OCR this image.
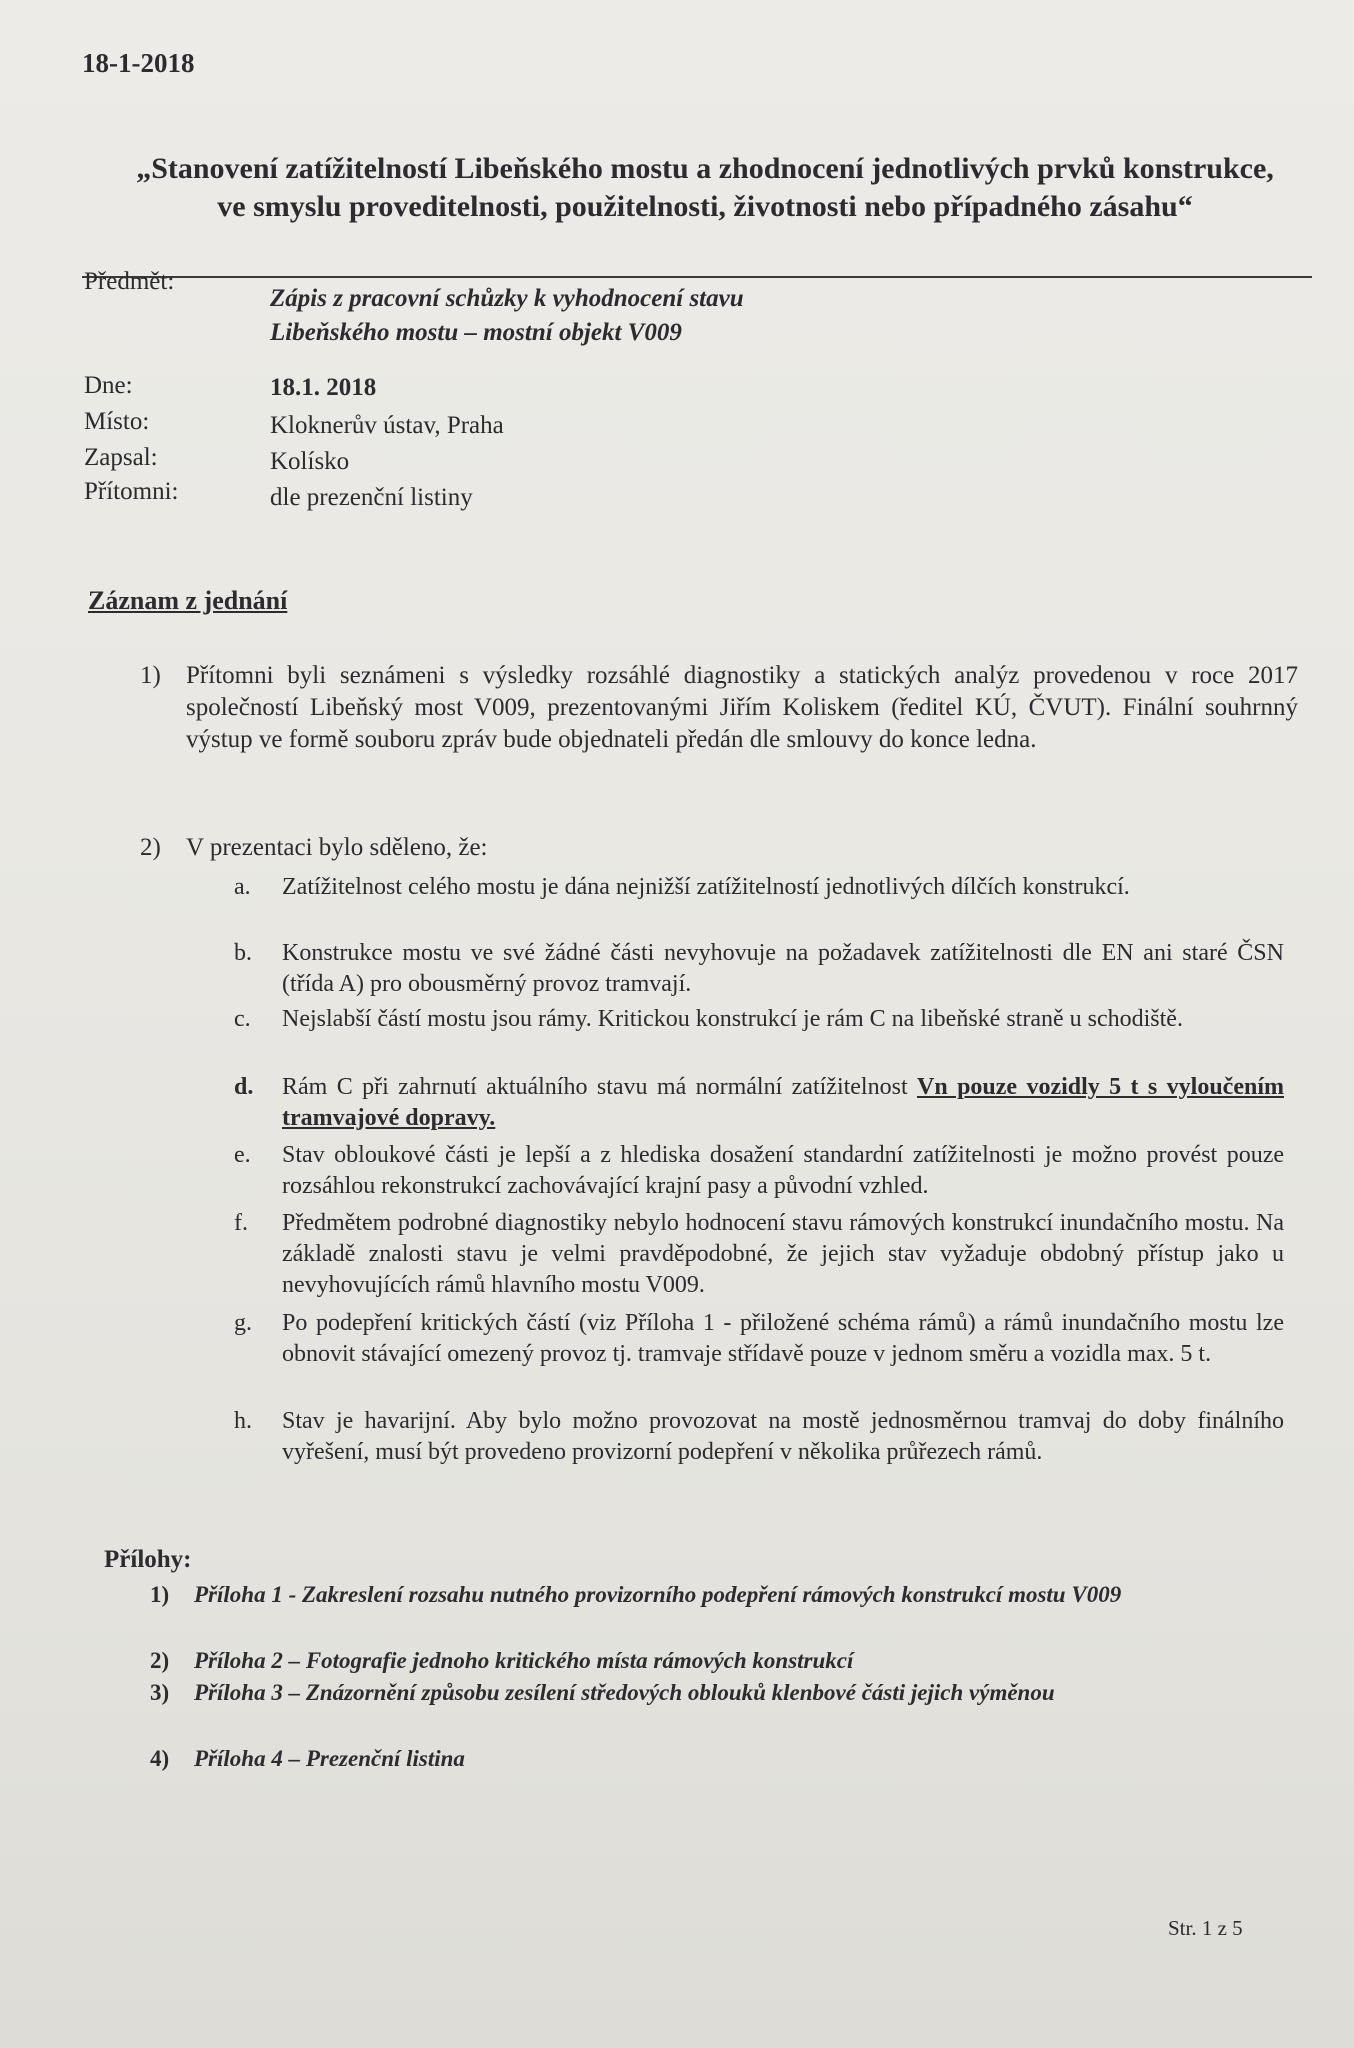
18-1-2018
„Stanovení zatížitelností Libeňského mostu a zhodnocení jednotlivých prvků konstrukce,
ve smyslu proveditelnosti, použitelnosti, životnosti nebo případného zásahu“
Předmět:
Zápis z pracovní schůzky k vyhodnocení stavu
Libeňského mostu – mostní objekt V009
Dne:	18.1. 2018
Místo:	Kloknerův ústav, Praha
Zapsal:	Kolísko
Přítomni:	dle prezenční listiny
Záznam z jednání
1) Přítomni byli seznámeni s výsledky rozsáhlé diagnostiky a statických analýz provedenou v roce 2017 společností Libeňský most V009, prezentovanými Jiřím Koliskem (ředitel KÚ, ČVUT). Finální souhrnný výstup ve formě souboru zpráv bude objednateli předán dle smlouvy do konce ledna.
2) V prezentaci bylo sděleno, že:
a. Zatížitelnost celého mostu je dána nejnižší zatížitelností jednotlivých dílčích konstrukcí.
b. Konstrukce mostu ve své žádné části nevyhovuje na požadavek zatížitelnosti dle EN ani staré ČSN (třída A) pro obousměrný provoz tramvají.
c. Nejslabší částí mostu jsou rámy. Kritickou konstrukcí je rám C na libeňské straně u schodiště.
d. Rám C při zahrnutí aktuálního stavu má normální zatížitelnost Vn pouze vozidly 5 t s vyloučením tramvajové dopravy.
e. Stav obloukové části je lepší a z hlediska dosažení standardní zatížitelnosti je možno provést pouze rozsáhlou rekonstrukcí zachovávající krajní pasy a původní vzhled.
f. Předmětem podrobné diagnostiky nebylo hodnocení stavu rámových konstrukcí inundačního mostu. Na základě znalosti stavu je velmi pravděpodobné, že jejich stav vyžaduje obdobný přístup jako u nevyhovujících rámů hlavního mostu V009.
g. Po podepření kritických částí (viz Příloha 1 - přiložené schéma rámů) a rámů inundačního mostu lze obnovit stávající omezený provoz tj. tramvaje střídavě pouze v jednom směru a vozidla max. 5 t.
h. Stav je havarijní. Aby bylo možno provozovat na mostě jednosměrnou tramvaj do doby finálního vyřešení, musí být provedeno provizorní podepření v několika průřezech rámů.
Přílohy:
1) Příloha 1 - Zakreslení rozsahu nutného provizorního podepření rámových konstrukcí mostu V009
2) Příloha 2 – Fotografie jednoho kritického místa rámových konstrukcí
3) Příloha 3 – Znázornění způsobu zesílení středových oblouků klenbové části jejich výměnou
4) Příloha 4 – Prezenční listina
Str. 1 z 5
